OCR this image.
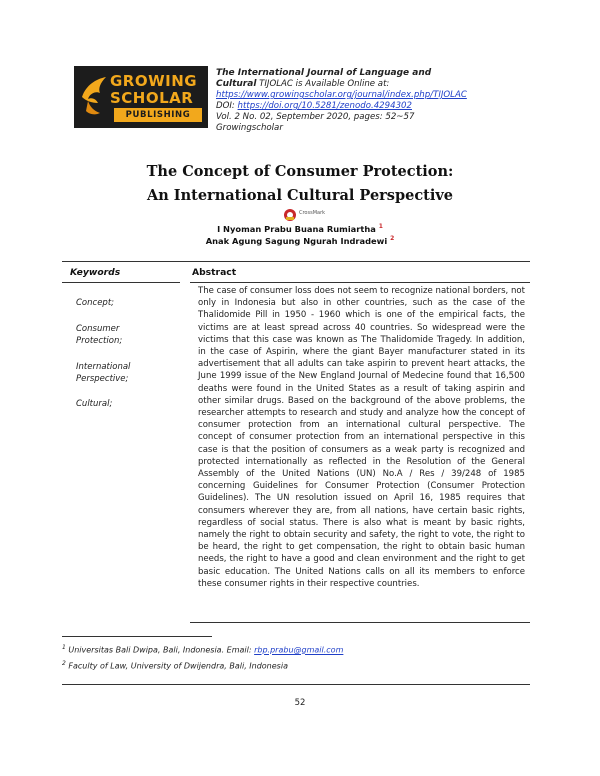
GROWING
SCHOLAR
PUBLISHING
The International Journal of Language and
Cultural TIJOLAC is Available Online at:
https://www.growingscholar.org/journal/index.php/TIJOLAC
DOI: https://doi.org/10.5281/zenodo.4294302
Vol. 2 No. 02, September 2020, pages: 52~57
Growingscholar
The Concept of Consumer Protection:
An International Cultural Perspective
CrossMark
I Nyoman Prabu Buana Rumiartha $^1$
Anak Agung Sagung Ngurah Indradewi $^2$
Keywords	Abstract
Concept;
Consumer
Protection;
International
Perspective;
Cultural;
The case of consumer loss does not seem to recognize national borders, not only in Indonesia but also in other countries, such as the case of the Thalidomide Pill in 1950 - 1960 which is one of the empirical facts, the victims are at least spread across 40 countries. So widespread were the victims that this case was known as The Thalidomide Tragedy. In addition, in the case of Aspirin, where the giant Bayer manufacturer stated in its advertisement that all adults can take aspirin to prevent heart attacks, the June 1999 issue of the New England Journal of Medecine found that 16,500 deaths were found in the United States as a result of taking aspirin and other similar drugs. Based on the background of the above problems, the researcher attempts to research and study and analyze how the concept of consumer protection from an international cultural perspective. The concept of consumer protection from an international perspective in this case is that the position of consumers as a weak party is recognized and protected internationally as reflected in the Resolution of the General Assembly of the United Nations (UN) No.A / Res / 39/248 of 1985 concerning Guidelines for Consumer Protection (Consumer Protection Guidelines). The UN resolution issued on April 16, 1985 requires that consumers wherever they are, from all nations, have certain basic rights, regardless of social status. There is also what is meant by basic rights, namely the right to obtain security and safety, the right to vote, the right to be heard, the right to get compensation, the right to obtain basic human needs, the right to have a good and clean environment and the right to get basic education. The United Nations calls on all its members to enforce these consumer rights in their respective countries.
$^1$ Universitas Bali Dwipa, Bali, Indonesia. Email: rbp.prabu@gmail.com
$^2$ Faculty of Law, University of Dwijendra, Bali, Indonesia
52
